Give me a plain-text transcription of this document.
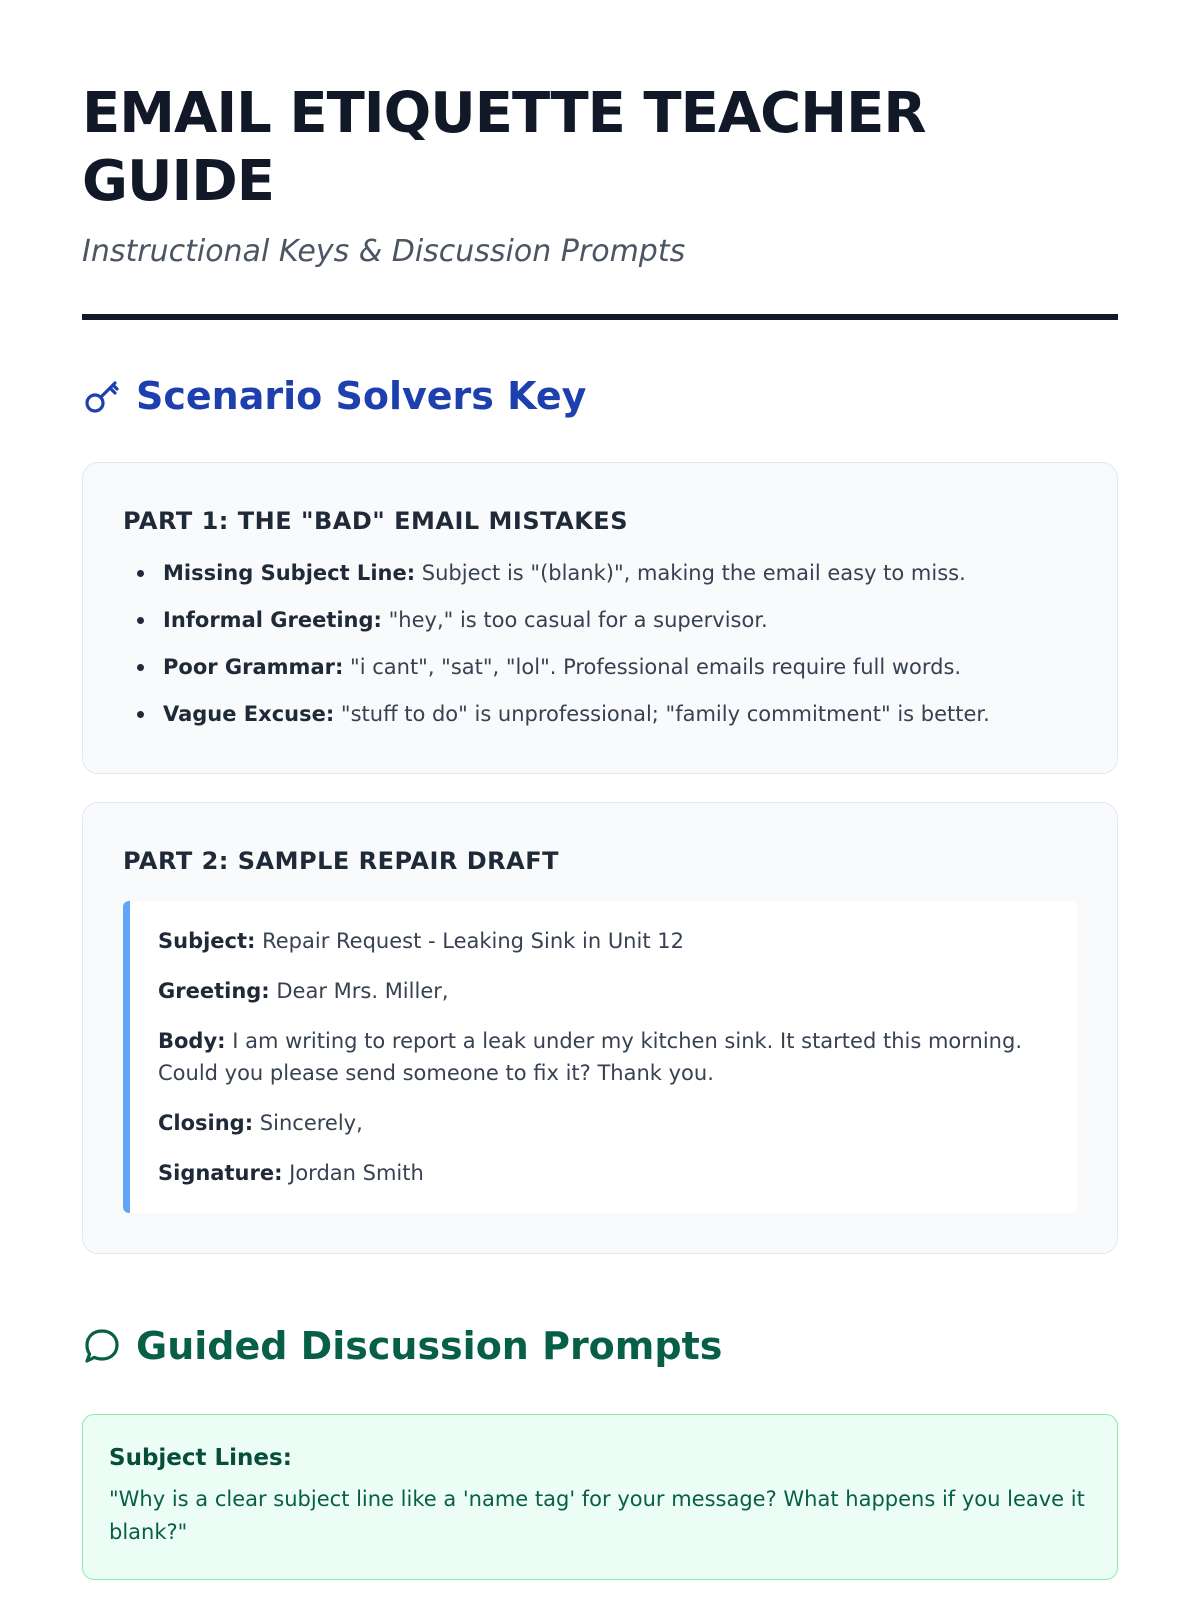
EMAIL ETIQUETTE TEACHER GUIDE

Instructional Keys & Discussion Prompts

Scenario Solvers Key
PART 1: THE "BAD" EMAIL MISTAKES
Missing Subject Line: Subject is "(blank)", making the email easy to miss.
Informal Greeting: "hey," is too casual for a supervisor.
Poor Grammar: "i cant", "sat", "lol". Professional emails require full words.
Vague Excuse: "stuff to do" is unprofessional; "family commitment" is better.
PART 2: SAMPLE REPAIR DRAFT

Subject: Repair Request - Leaking Sink in Unit 12

Greeting: Dear Mrs. Miller,

Body: I am writing to report a leak under my kitchen sink. It started this morning. Could you please send someone to fix it? Thank you.

Closing: Sincerely,

Signature: Jordan Smith

Guided Discussion Prompts

Subject Lines:

"Why is a clear subject line like a 'name tag' for your message? What happens if you leave it blank?"
